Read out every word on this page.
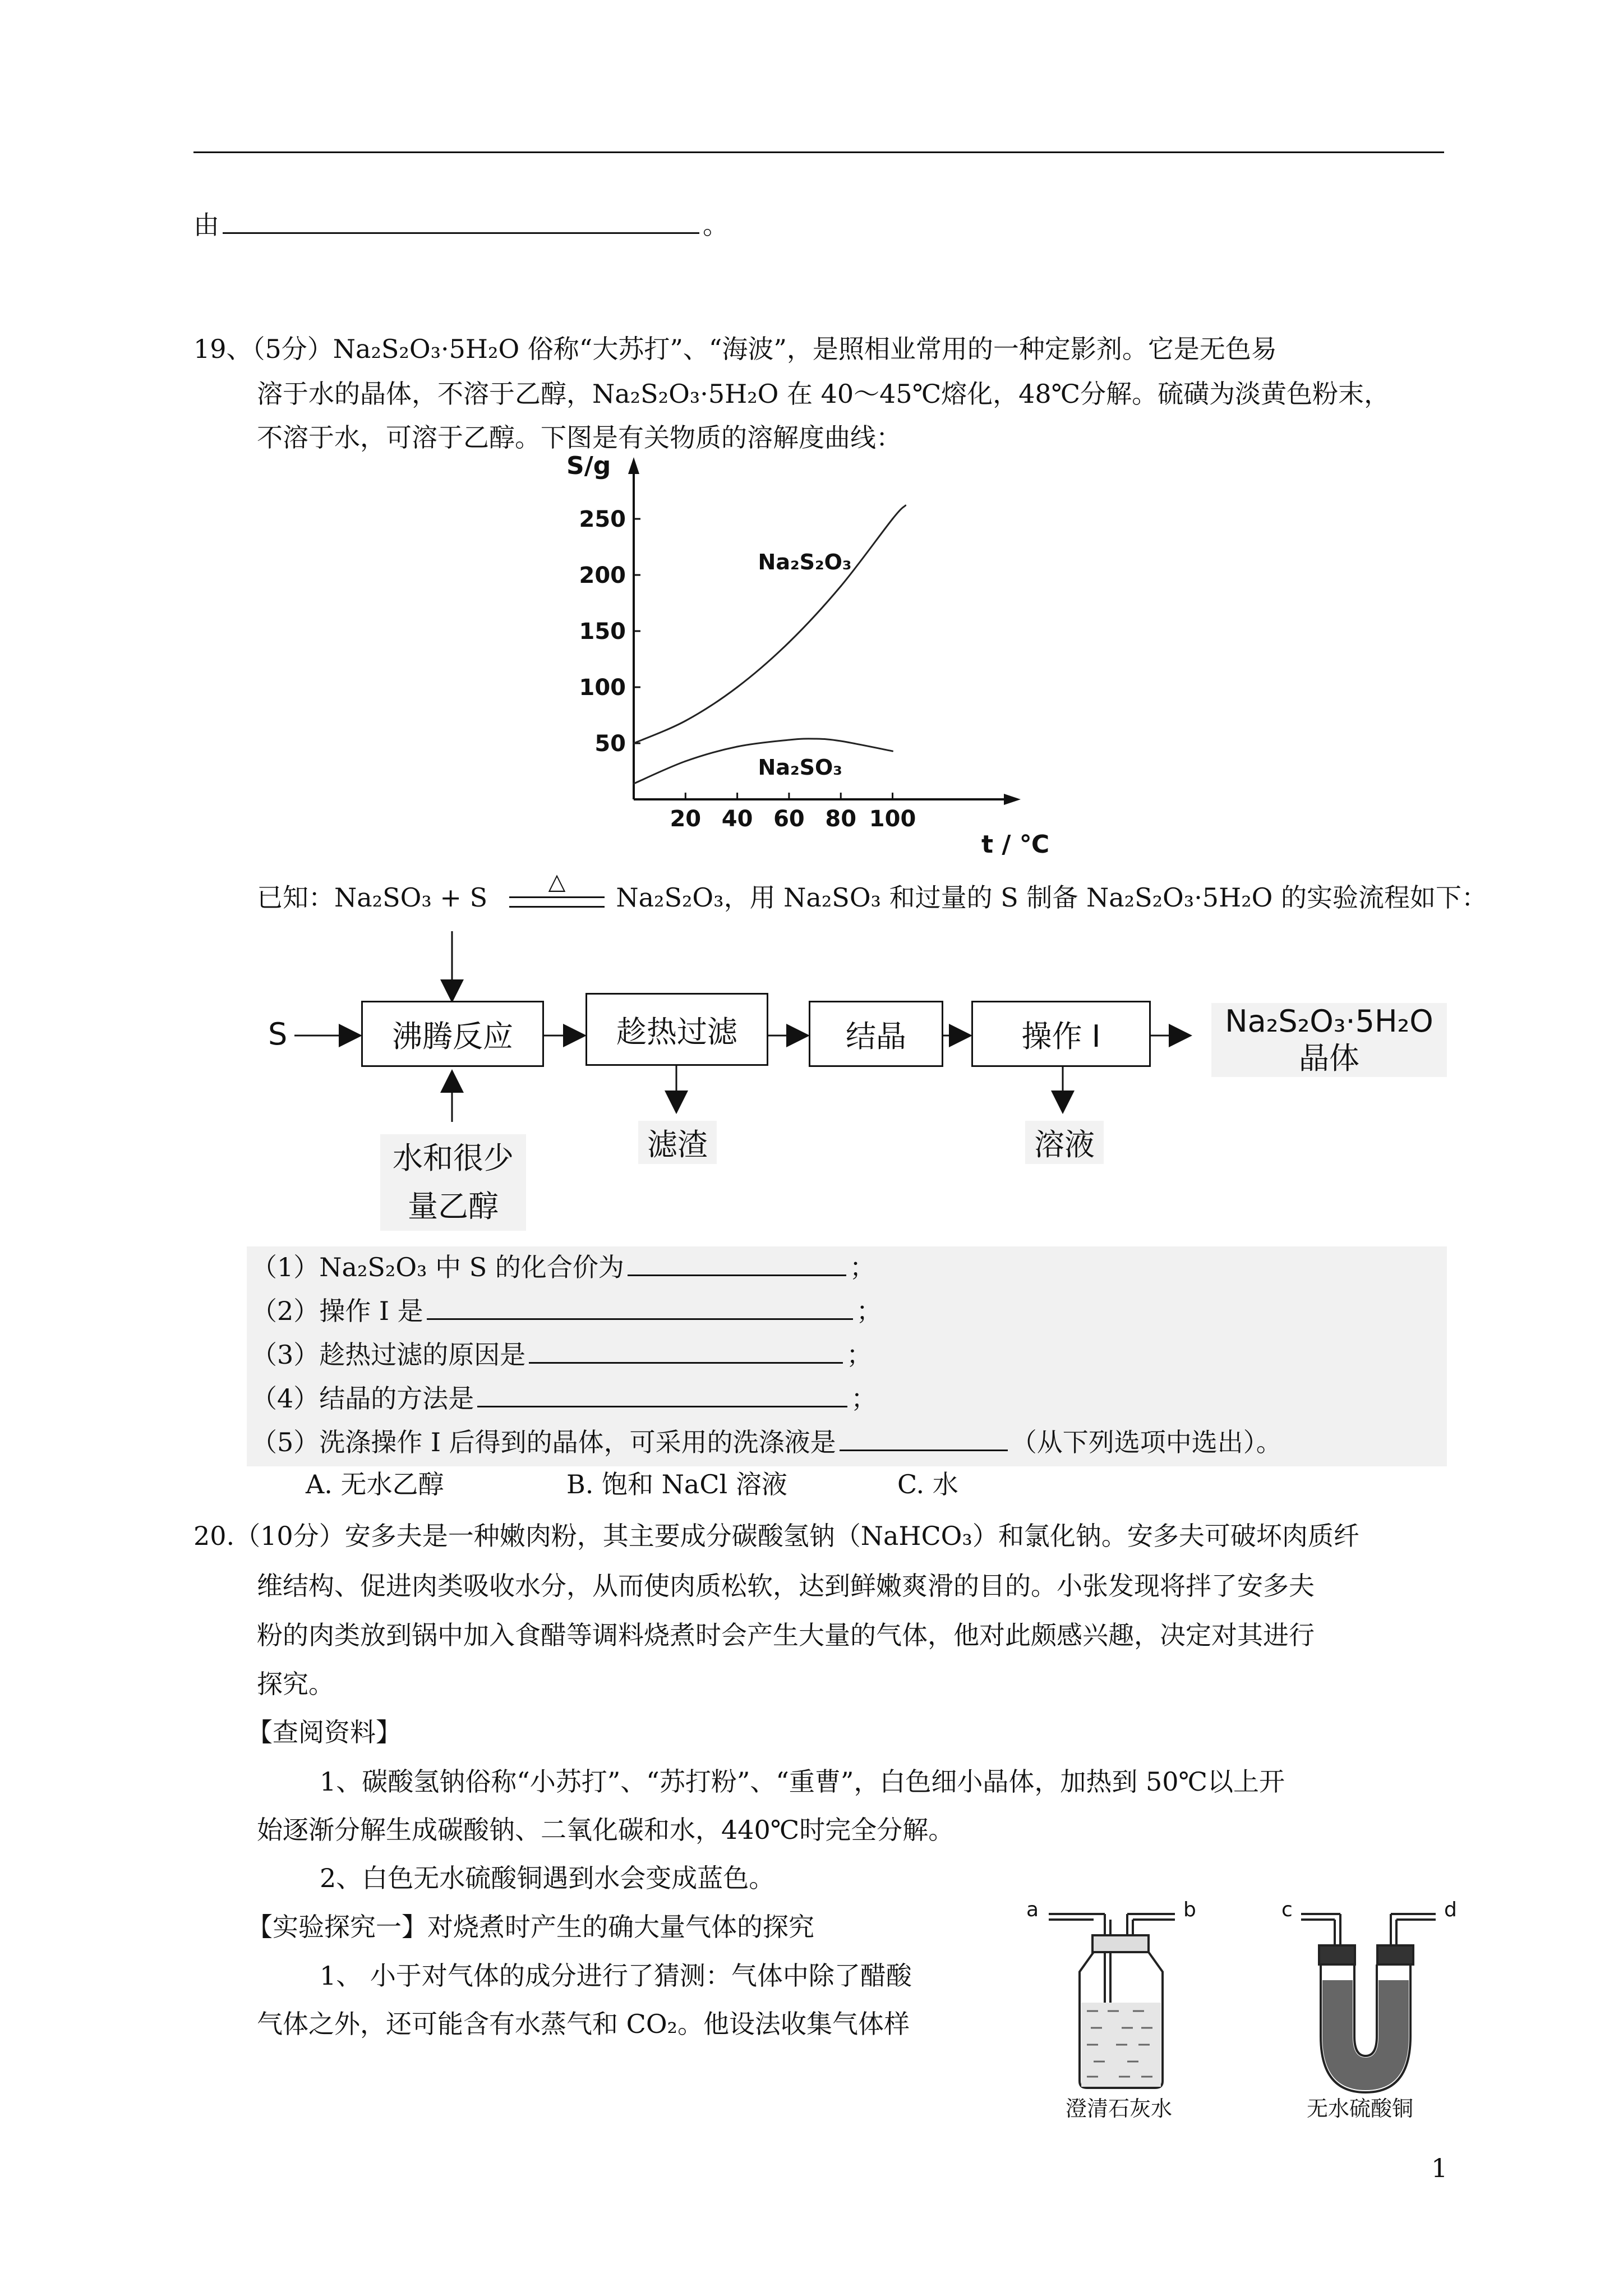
由	。
19、（5分）Na₂S₂O₃·5H₂O 俗称“大苏打”、“海波”，是照相业常用的一种定影剂。它是无色易
溶于水的晶体，不溶于乙醇，Na₂S₂O₃·5H₂O 在 40～45℃熔化，48℃分解。硫磺为淡黄色粉末，
不溶于水，可溶于乙醇。下图是有关物质的溶解度曲线：
20 40 60 80 100
50
100
150
200
250
S/g
t / ℃
Na₂S₂O₃
Na₂SO₃
已知：Na₂SO₃ + S
△
Na₂S₂O₃，用 Na₂SO₃ 和过量的 S 制备 Na₂S₂O₃·5H₂O 的实验流程如下：
S	沸腾反应	趁热过滤	结晶	操作 I	Na₂S₂O₃·5H₂O
晶体
水和很少
量乙醇
滤渣	溶液
（1）Na₂S₂O₃ 中 S 的化合价为	；
（2）操作 I 是	；
（3）趁热过滤的原因是	；
（4）结晶的方法是	；
（5）洗涤操作 I 后得到的晶体，可采用的洗涤液是	（从下列选项中选出）。
A. 无水乙醇	B. 饱和 NaCl 溶液	C. 水
20.（10分）安多夫是一种嫩肉粉，其主要成分碳酸氢钠（NaHCO₃）和氯化钠。安多夫可破坏肉质纤
维结构、促进肉类吸收水分，从而使肉质松软，达到鲜嫩爽滑的目的。小张发现将拌了安多夫
粉的肉类放到锅中加入食醋等调料烧煮时会产生大量的气体，他对此颇感兴趣，决定对其进行
探究。
【查阅资料】
1、碳酸氢钠俗称“小苏打”、“苏打粉”、“重曹”，白色细小晶体，加热到 50℃以上开
始逐渐分解生成碳酸钠、二氧化碳和水，440℃时完全分解。
2、白色无水硫酸铜遇到水会变成蓝色。
【实验探究一】对烧煮时产生的确大量气体的探究
1、 小于对气体的成分进行了猜测：气体中除了醋酸
气体之外，还可能含有水蒸气和 CO₂。他设法收集气体样
a	b	c	d
澄清石灰水	无水硫酸铜
1
